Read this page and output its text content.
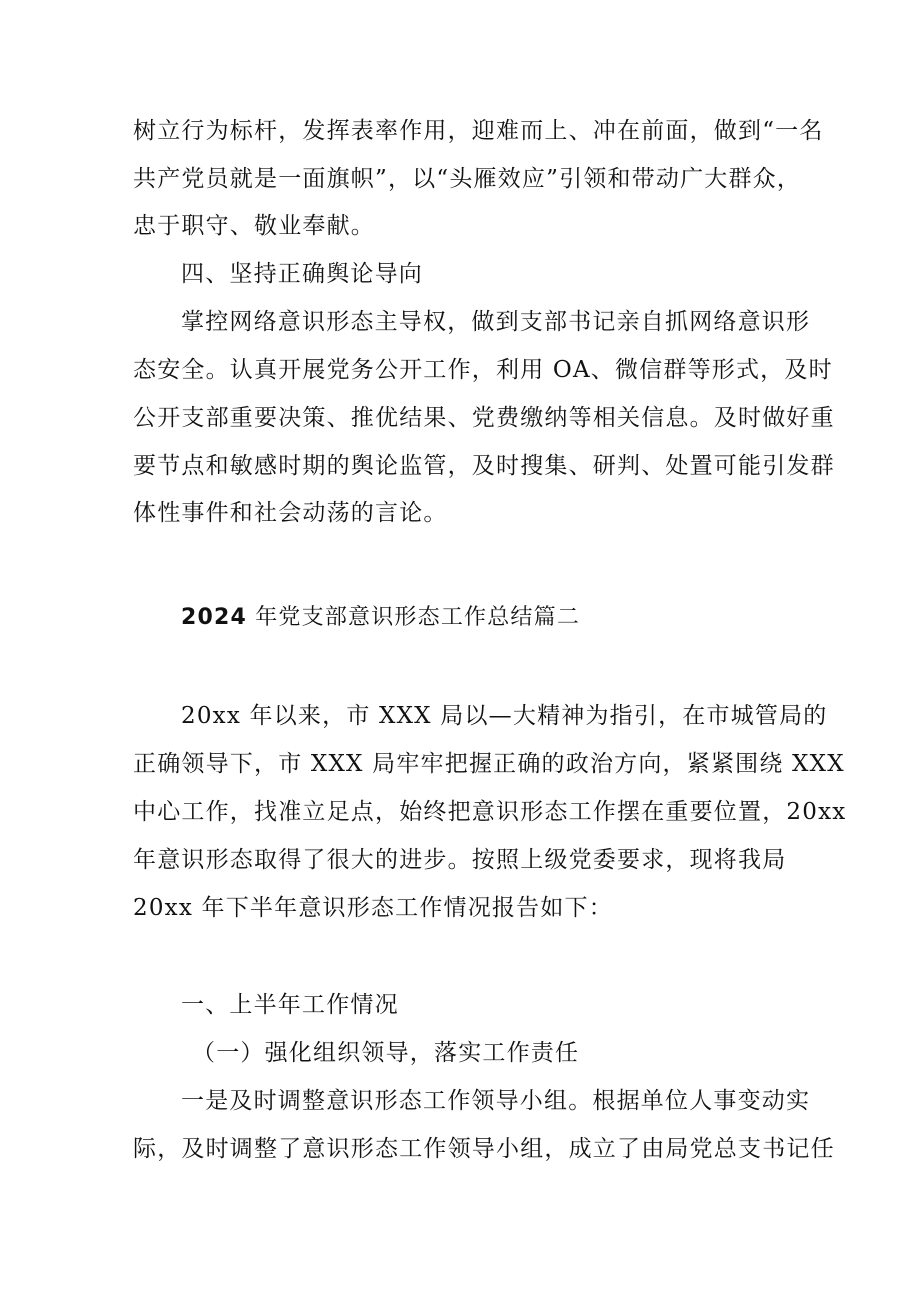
树立行为标杆，发挥表率作用，迎难而上、冲在前面，做到“一名
共产党员就是一面旗帜”，以“头雁效应”引领和带动广大群众，
忠于职守、敬业奉献。
四、坚持正确舆论导向
掌控网络意识形态主导权，做到支部书记亲自抓网络意识形
态安全。认真开展党务公开工作，利用 OA、微信群等形式，及时
公开支部重要决策、推优结果、党费缴纳等相关信息。及时做好重
要节点和敏感时期的舆论监管，及时搜集、研判、处置可能引发群
体性事件和社会动荡的言论。
2024 年党支部意识形态工作总结篇二
20xx 年以来，市 XXX 局以—大精神为指引，在市城管局的
正确领导下，市 XXX 局牢牢把握正确的政治方向，紧紧围绕 XXX
中心工作，找准立足点，始终把意识形态工作摆在重要位置，20xx
年意识形态取得了很大的进步。按照上级党委要求，现将我局
20xx 年下半年意识形态工作情况报告如下：
一、上半年工作情况
（一）强化组织领导，落实工作责任
一是及时调整意识形态工作领导小组。根据单位人事变动实
际，及时调整了意识形态工作领导小组，成立了由局党总支书记任
